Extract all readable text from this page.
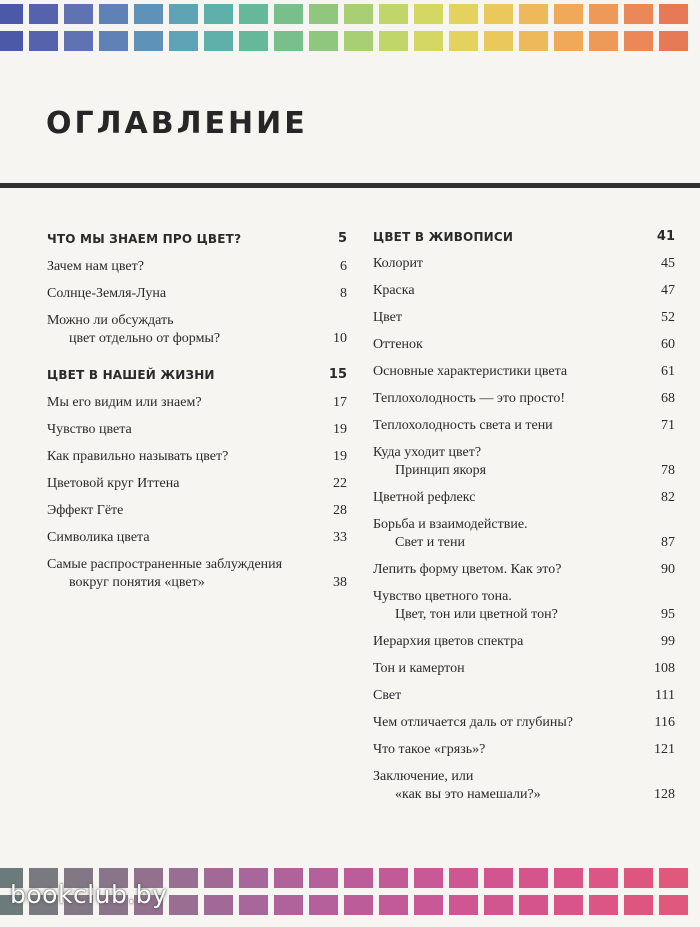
ОГЛАВЛЕНИЕ
ЧТО МЫ ЗНАЕМ ПРО ЦВЕТ?	5
Зачем нам цвет?	6
Солнце-Земля-Луна	8
Можно ли обсуждать
цвет отдельно от формы?	10
ЦВЕТ В НАШЕЙ ЖИЗНИ	15
Мы его видим или знаем?	17
Чувство цвета	19
Как правильно называть цвет?	19
Цветовой круг Иттена	22
Эффект Гёте	28
Символика цвета	33
Самые распространенные заблуждения
вокруг понятия «цвет»	38
ЦВЕТ В ЖИВОПИСИ	41
Колорит	45
Краска	47
Цвет	52
Оттенок	60
Основные характеристики цвета	61
Теплохолодность — это просто!	68
Теплохолодность света и тени	71
Куда уходит цвет?
Принцип якоря	78
Цветной рефлекс	82
Борьба и взаимодействие.
Свет и тени	87
Лепить форму цветом. Как это?	90
Чувство цветного тона.
Цвет, тон или цветной тон?	95
Иерархия цветов спектра	99
Тон и камертон	108
Свет	111
Чем отличается даль от глубины?	116
Что такое «грязь»?	121
Заключение, или
«как вы это намешали?»	128
bookclub.by
